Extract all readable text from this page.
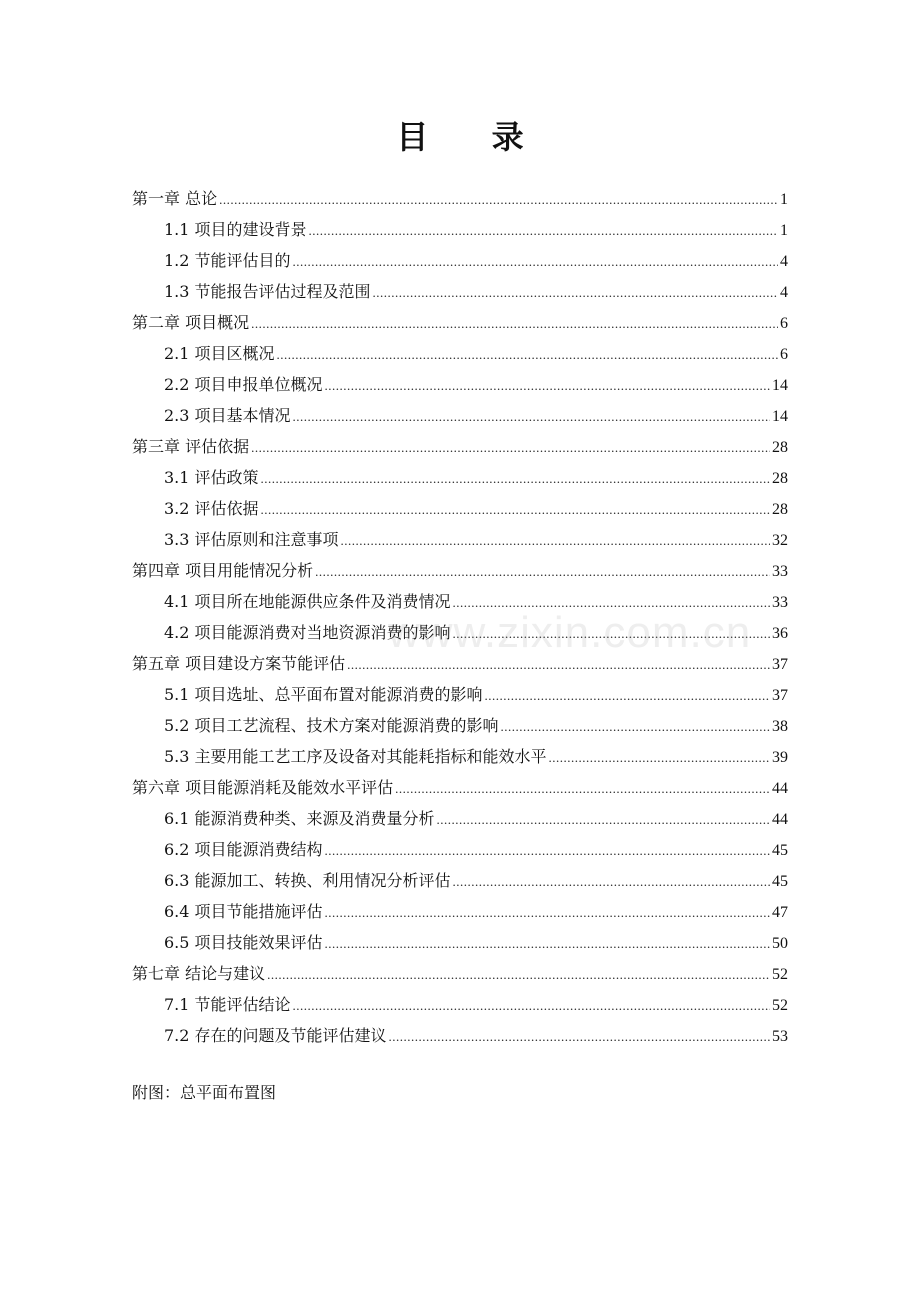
目 录
第一章 总论 .....	1
1.1 项目的建设背景 .....	1
1.2 节能评估目的 .....	4
1.3 节能报告评估过程及范围 .....	4
第二章 项目概况 .....	6
2.1 项目区概况 .....	6
2.2 项目申报单位概况 .....	14
2.3 项目基本情况 .....	14
第三章 评估依据 .....	28
3.1 评估政策 .....	28
3.2 评估依据 .....	28
3.3 评估原则和注意事项 .....	32
第四章 项目用能情况分析 .....	33
4.1 项目所在地能源供应条件及消费情况 .....	33
4.2 项目能源消费对当地资源消费的影响 .....	36
第五章 项目建设方案节能评估 .....	37
5.1 项目选址、总平面布置对能源消费的影响 .....	37
5.2 项目工艺流程、技术方案对能源消费的影响 .....	38
5.3 主要用能工艺工序及设备对其能耗指标和能效水平 .....	39
第六章 项目能源消耗及能效水平评估 .....	44
6.1 能源消费种类、来源及消费量分析 .....	44
6.2 项目能源消费结构 .....	45
6.3 能源加工、转换、利用情况分析评估 .....	45
6.4 项目节能措施评估 .....	47
6.5 项目技能效果评估 .....	50
第七章 结论与建议 .....	52
7.1 节能评估结论 .....	52
7.2 存在的问题及节能评估建议 .....	53
附图：总平面布置图
www.zixin.com.cn
